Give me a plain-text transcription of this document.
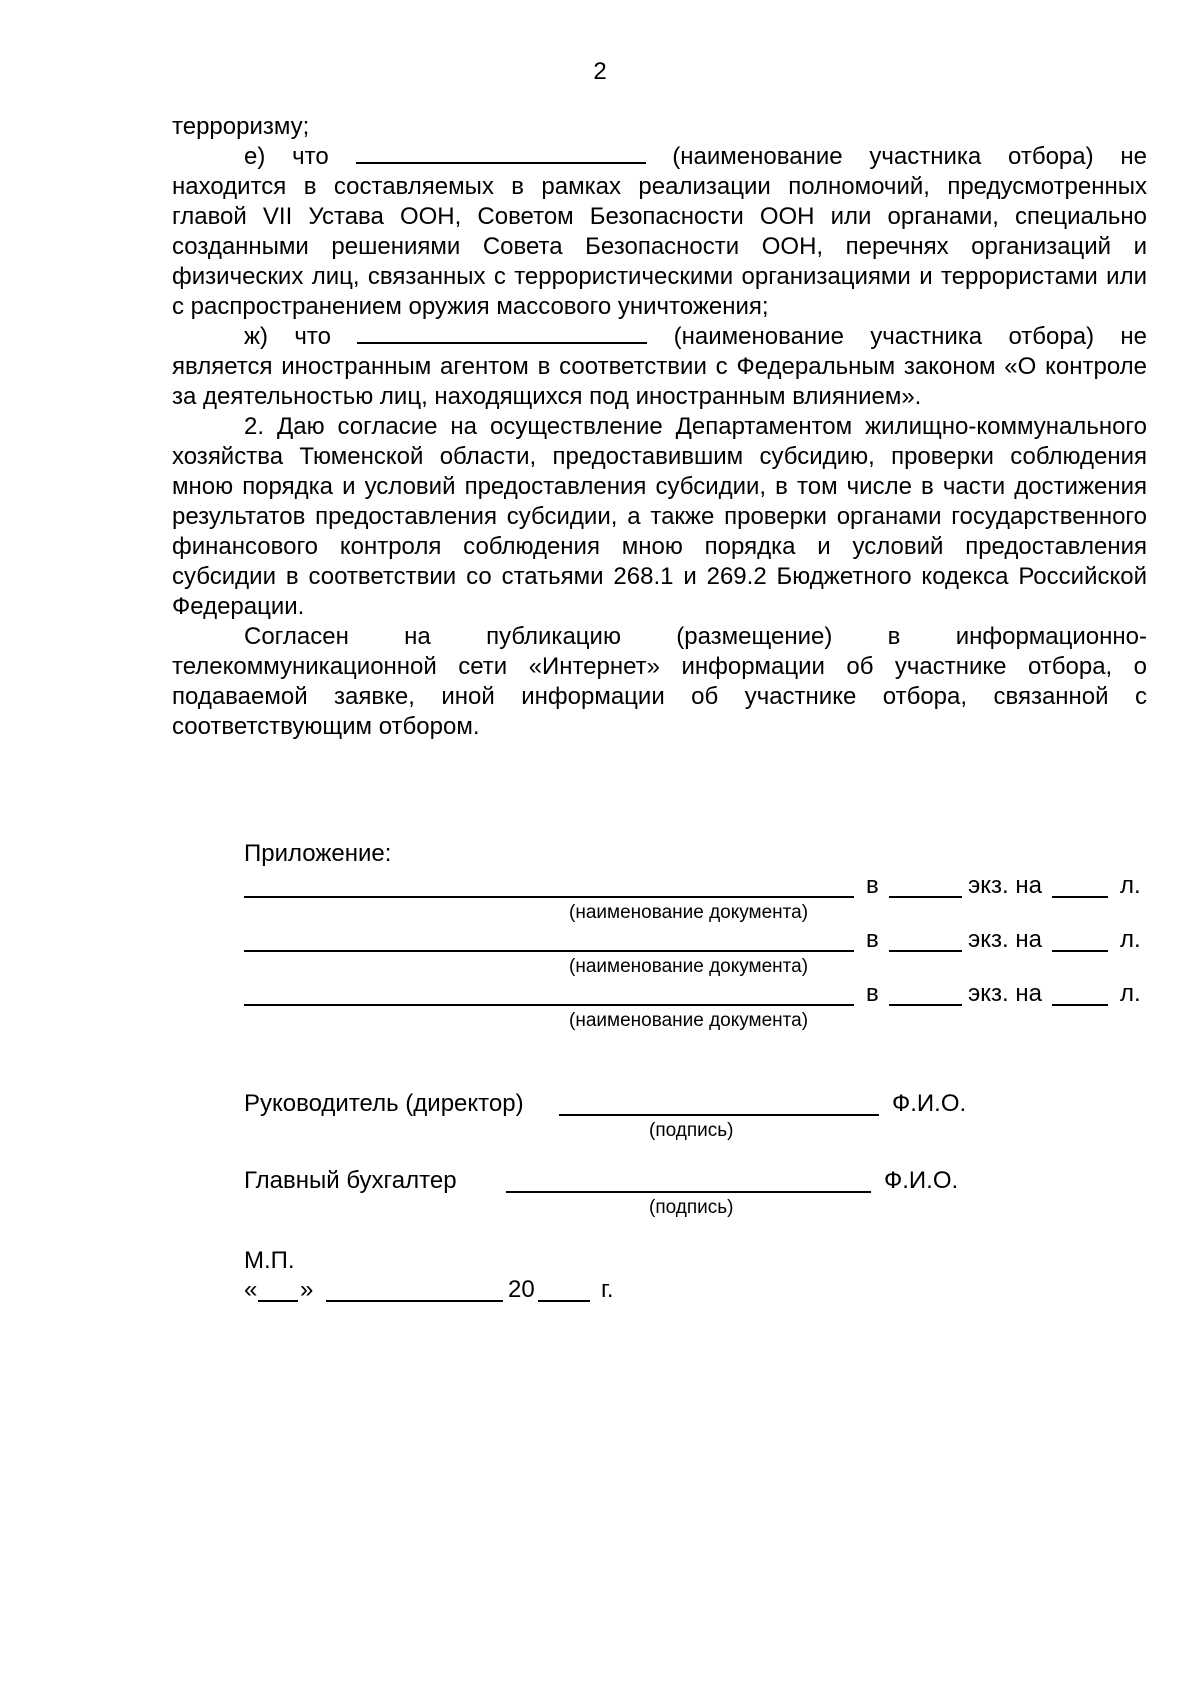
2

терроризму;

е) что	(наименование участника отбора) не

находится в составляемых в рамках реализации полномочий, предусмотренных главой VII Устава ООН, Советом Безопасности ООН или органами, специально созданными решениями Совета Безопасности ООН, перечнях организаций и физических лиц, связанных с террористическими организациями и террористами или с распространением оружия массового уничтожения;

ж) что	(наименование участника отбора) не

является иностранным агентом в соответствии с Федеральным законом «О контроле за деятельностью лиц, находящихся под иностранным влиянием».

2. Даю согласие на осуществление Департаментом жилищно-коммунального хозяйства Тюменской области, предоставившим субсидию, проверки соблюдения мною порядка и условий предоставления субсидии, в том числе в части достижения результатов предоставления субсидии, а также проверки органами государственного финансового контроля соблюдения мною порядка и условий предоставления субсидии в соответствии со статьями 268.1 и 269.2 Бюджетного кодекса Российской Федерации.

Согласен на публикацию (размещение) в информационно-телекоммуникационной сети «Интернет» информации об участнике отбора, о подаваемой заявке, иной информации об участнике отбора, связанной с соответствующим отбором.

Приложение:
в	экз. на	л.
(наименование документа)
в	экз. на	л.
(наименование документа)
в	экз. на	л.
(наименование документа)
Руководитель (директор)	Ф.И.О.
(подпись)
Главный бухгалтер	Ф.И.О.
(подпись)
М.П.
« »	20	г.
